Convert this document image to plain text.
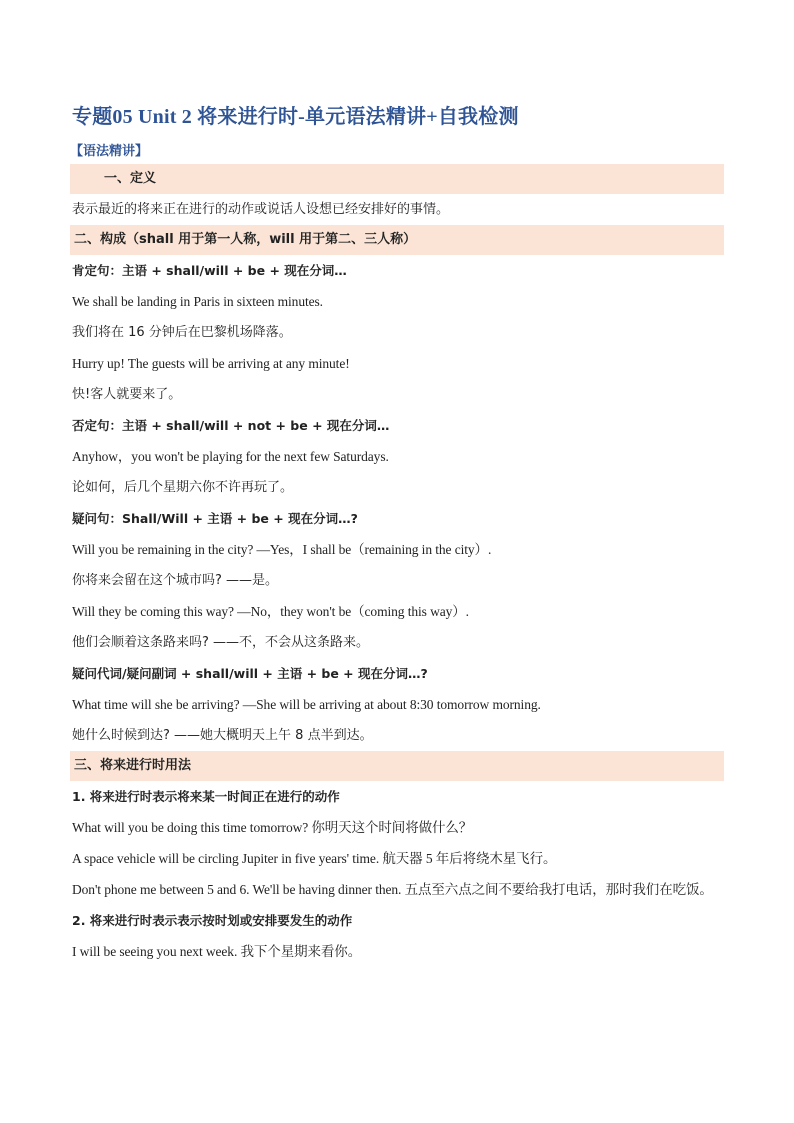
专题05 Unit 2 将来进行时-单元语法精讲+自我检测
【语法精讲】
一、定义
表示最近的将来正在进行的动作或说话人设想已经安排好的事情。
二、构成（shall 用于第一人称，will 用于第二、三人称）
肯定句：主语 + shall/will + be + 现在分词…
We shall be landing in Paris in sixteen minutes.
我们将在 16 分钟后在巴黎机场降落。
Hurry up! The guests will be arriving at any minute!
快!客人就要来了。
否定句：主语 + shall/will + not + be + 现在分词…
Anyhow，you won't be playing for the next few Saturdays.
论如何，后几个星期六你不许再玩了。
疑问句：Shall/Will + 主语 + be + 现在分词…?
Will you be remaining in the city? —Yes，I shall be（remaining in the city）.
你将来会留在这个城市吗? ——是。
Will they be coming this way? —No，they won't be（coming this way）.
他们会顺着这条路来吗? ——不，不会从这条路来。
疑问代词/疑问副词 + shall/will + 主语 + be + 现在分词…?
What time will she be arriving? —She will be arriving at about 8:30 tomorrow morning.
她什么时候到达? ——她大概明天上午 8 点半到达。
三、将来进行时用法
1. 将来进行时表示将来某一时间正在进行的动作
What will you be doing this time tomorrow? 你明天这个时间将做什么？
A space vehicle will be circling Jupiter in five years' time. 航天器 5 年后将绕木星飞行。
Don't phone me between 5 and 6. We'll be having dinner then. 五点至六点之间不要给我打电话，那时我们在吃饭。
2. 将来进行时表示表示按时划或安排要发生的动作
I will be seeing you next week. 我下个星期来看你。
